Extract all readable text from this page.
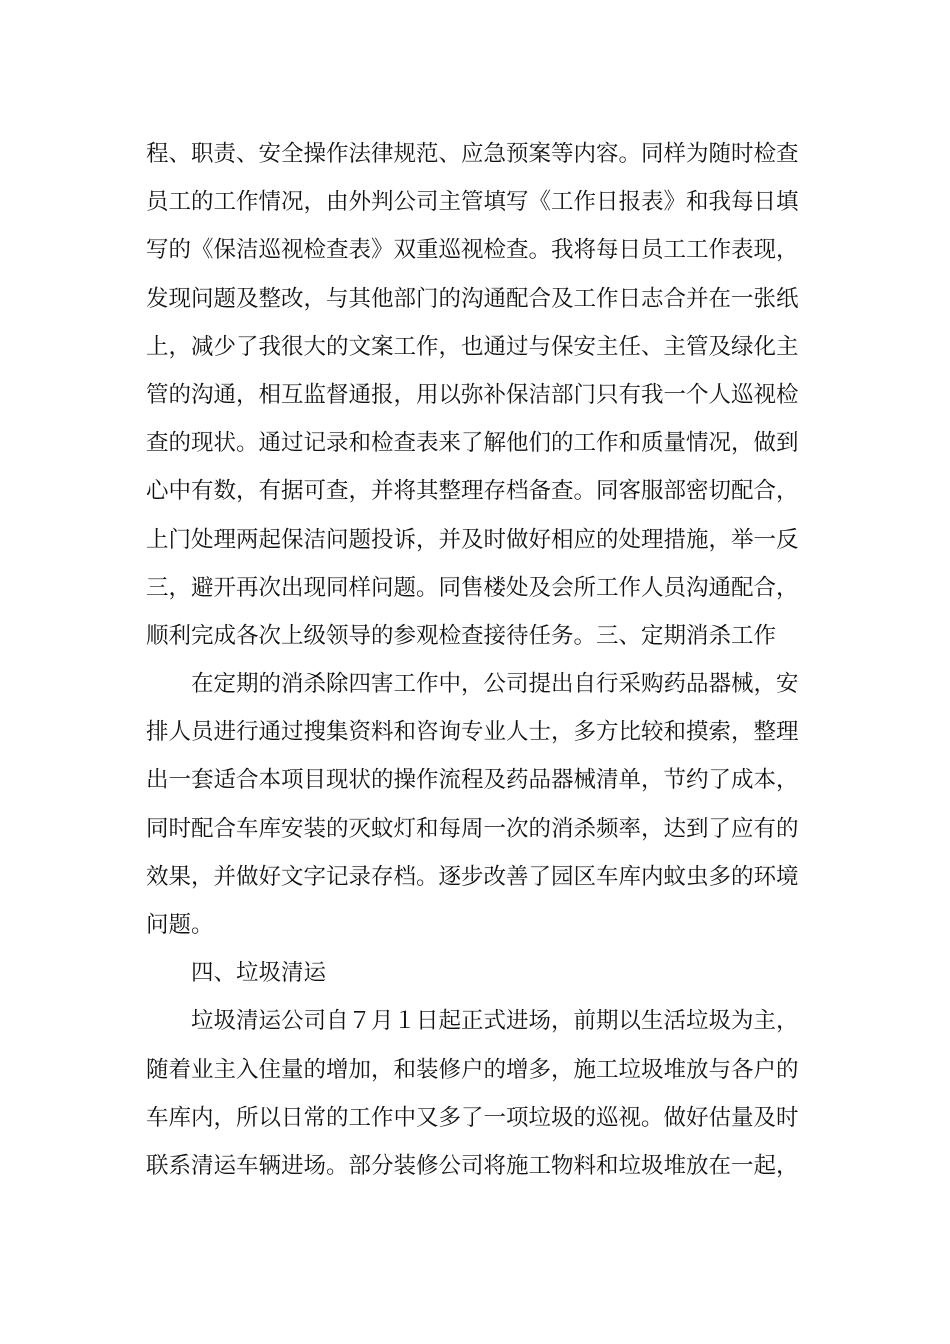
程、职责、安全操作法律规范、应急预案等内容。同样为随时检查
员工的工作情况，由外判公司主管填写《工作日报表》和我每日填
写的《保洁巡视检查表》双重巡视检查。我将每日员工工作表现，
发现问题及整改，与其他部门的沟通配合及工作日志合并在一张纸
上，减少了我很大的文案工作，也通过与保安主任、主管及绿化主
管的沟通，相互监督通报，用以弥补保洁部门只有我一个人巡视检
查的现状。通过记录和检查表来了解他们的工作和质量情况，做到
心中有数，有据可查，并将其整理存档备查。同客服部密切配合，
上门处理两起保洁问题投诉，并及时做好相应的处理措施，举一反
三，避开再次出现同样问题。同售楼处及会所工作人员沟通配合，
顺利完成各次上级领导的参观检查接待任务。三、定期消杀工作
在定期的消杀除四害工作中，公司提出自行采购药品器械，安
排人员进行通过搜集资料和咨询专业人士，多方比较和摸索，整理
出一套适合本项目现状的操作流程及药品器械清单，节约了成本，
同时配合车库安装的灭蚊灯和每周一次的消杀频率，达到了应有的
效果，并做好文字记录存档。逐步改善了园区车库内蚊虫多的环境
问题。
四、垃圾清运
垃圾清运公司自７月１日起正式进场，前期以生活垃圾为主，
随着业主入住量的增加，和装修户的增多，施工垃圾堆放与各户的
车库内，所以日常的工作中又多了一项垃圾的巡视。做好估量及时
联系清运车辆进场。部分装修公司将施工物料和垃圾堆放在一起，
